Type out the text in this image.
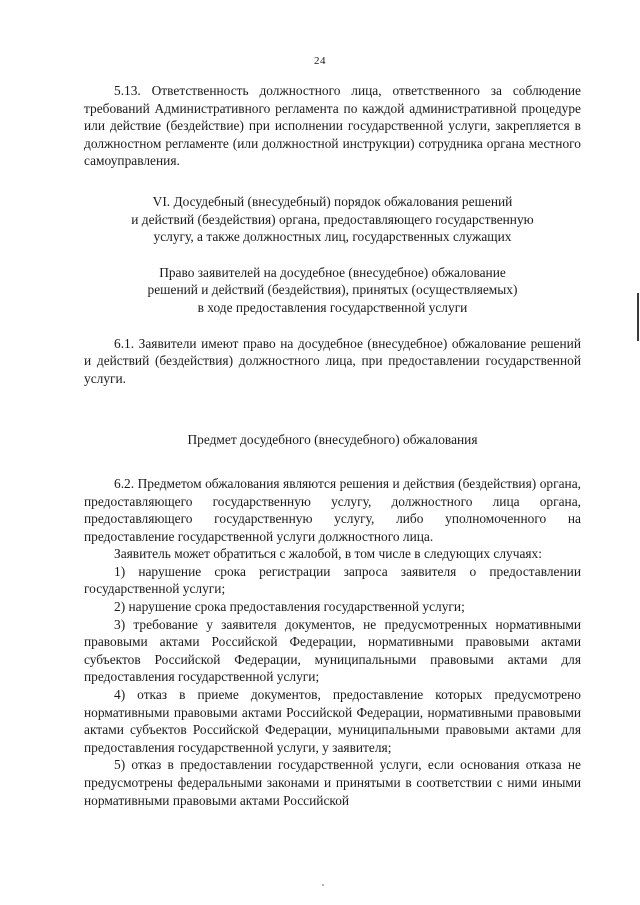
24

5.13. Ответственность должностного лица, ответственного за соблюдение требований Административного регламента по каждой административной процедуре или действие (бездействие) при исполнении государственной услуги, закрепляется в должностном регламенте (или должностной инструкции) сотрудника органа местного самоуправления.

VI. Досудебный (внесудебный) порядок обжалования решений
и действий (бездействия) органа, предоставляющего государственную
услугу, а также должностных лиц, государственных служащих

Право заявителей на досудебное (внесудебное) обжалование
решений и действий (бездействия), принятых (осуществляемых)
в ходе предоставления государственной услуги

6.1. Заявители имеют право на досудебное (внесудебное) обжалование решений и действий (бездействия) должностного лица, при предоставлении государственной услуги.

Предмет досудебного (внесудебного) обжалования

6.2. Предметом обжалования являются решения и действия (бездействия) органа, предоставляющего государственную услугу, должностного лица органа, предоставляющего государственную услугу, либо уполномоченного на предоставление государственной услуги должностного лица.

Заявитель может обратиться с жалобой, в том числе в следующих случаях:

1) нарушение срока регистрации запроса заявителя о предоставлении государственной услуги;

2) нарушение срока предоставления государственной услуги;

3) требование у заявителя документов, не предусмотренных нормативными правовыми актами Российской Федерации, нормативными правовыми актами субъектов Российской Федерации, муниципальными правовыми актами для предоставления государственной услуги;

4) отказ в приеме документов, предоставление которых предусмотрено нормативными правовыми актами Российской Федерации, нормативными правовыми актами субъектов Российской Федерации, муниципальными правовыми актами для предоставления государственной услуги, у заявителя;

5) отказ в предоставлении государственной услуги, если основания отказа не предусмотрены федеральными законами и принятыми в соответствии с ними иными нормативными правовыми актами Российской
